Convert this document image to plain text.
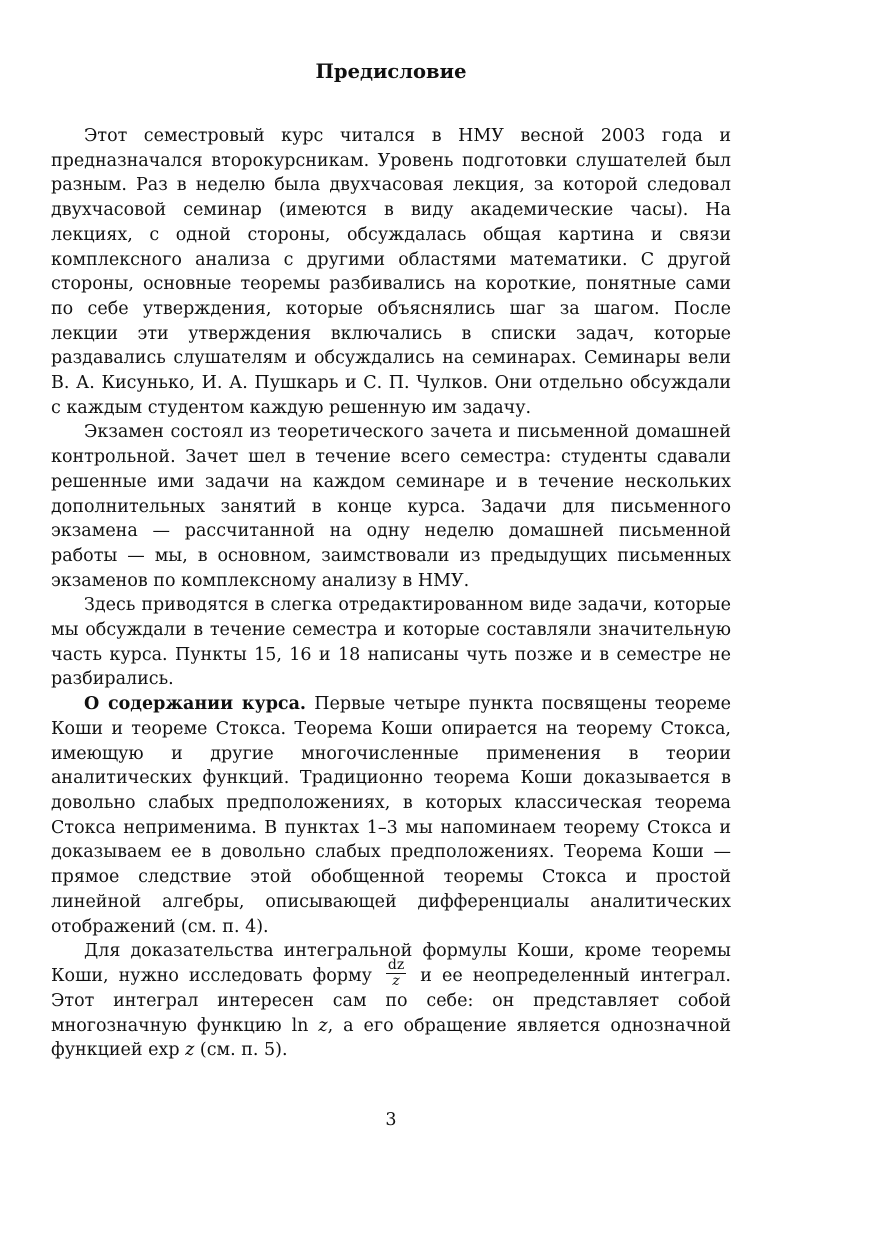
Предисловие

Этот семестровый курс читался в НМУ весной 2003 года и предназначался второкурсникам. Уровень подготовки слушателей был разным. Раз в неделю была двухчасовая лекция, за которой следовал двухчасовой семинар (имеются в виду академические часы). На лекциях, с одной стороны, обсуждалась общая картина и связи комплексного анализа с другими областями математики. С другой стороны, основные теоремы разбивались на короткие, понятные сами по себе утверждения, которые объяснялись шаг за шагом. После лекции эти утверждения включались в списки задач, которые раздавались слушателям и обсуждались на семинарах. Семинары вели В. А. Кисунько, И. А. Пушкарь и С. П. Чулков. Они отдельно обсуждали с каждым студентом каждую решенную им задачу.

Экзамен состоял из теоретического зачета и письменной домашней контрольной. Зачет шел в течение всего семестра: студенты сдавали решенные ими задачи на каждом семинаре и в течение нескольких дополнительных занятий в конце курса. Задачи для письменного экзамена — рассчитанной на одну неделю домашней письменной работы — мы, в основном, заимствовали из предыдущих письменных экзаменов по комплексному анализу в НМУ.

Здесь приводятся в слегка отредактированном виде задачи, которые мы обсуждали в течение семестра и которые составляли значительную часть курса. Пункты 15, 16 и 18 написаны чуть позже и в семестре не разбирались.

О содержании курса. Первые четыре пункта посвящены теореме Коши и теореме Стокса. Теорема Коши опирается на теорему Стокса, имеющую и другие многочисленные применения в теории аналитических функций. Традиционно теорема Коши доказывается в довольно слабых предположениях, в которых классическая теорема Стокса неприменима. В пунктах 1–3 мы напоминаем теорему Стокса и доказываем ее в довольно слабых предположениях. Теорема Коши — прямое следствие этой обобщенной теоремы Стокса и простой линейной алгебры, описывающей дифференциалы аналитических отображений (см. п. 4).

Для доказательства интегральной формулы Коши, кроме теоремы Коши, нужно исследовать форму $\frac{dz}{z}$ и ее неопределенный интеграл. Этот интеграл интересен сам по себе: он представляет собой многозначную функцию ln z, а его обращение является однозначной функцией exp z (см. п. 5).

3
